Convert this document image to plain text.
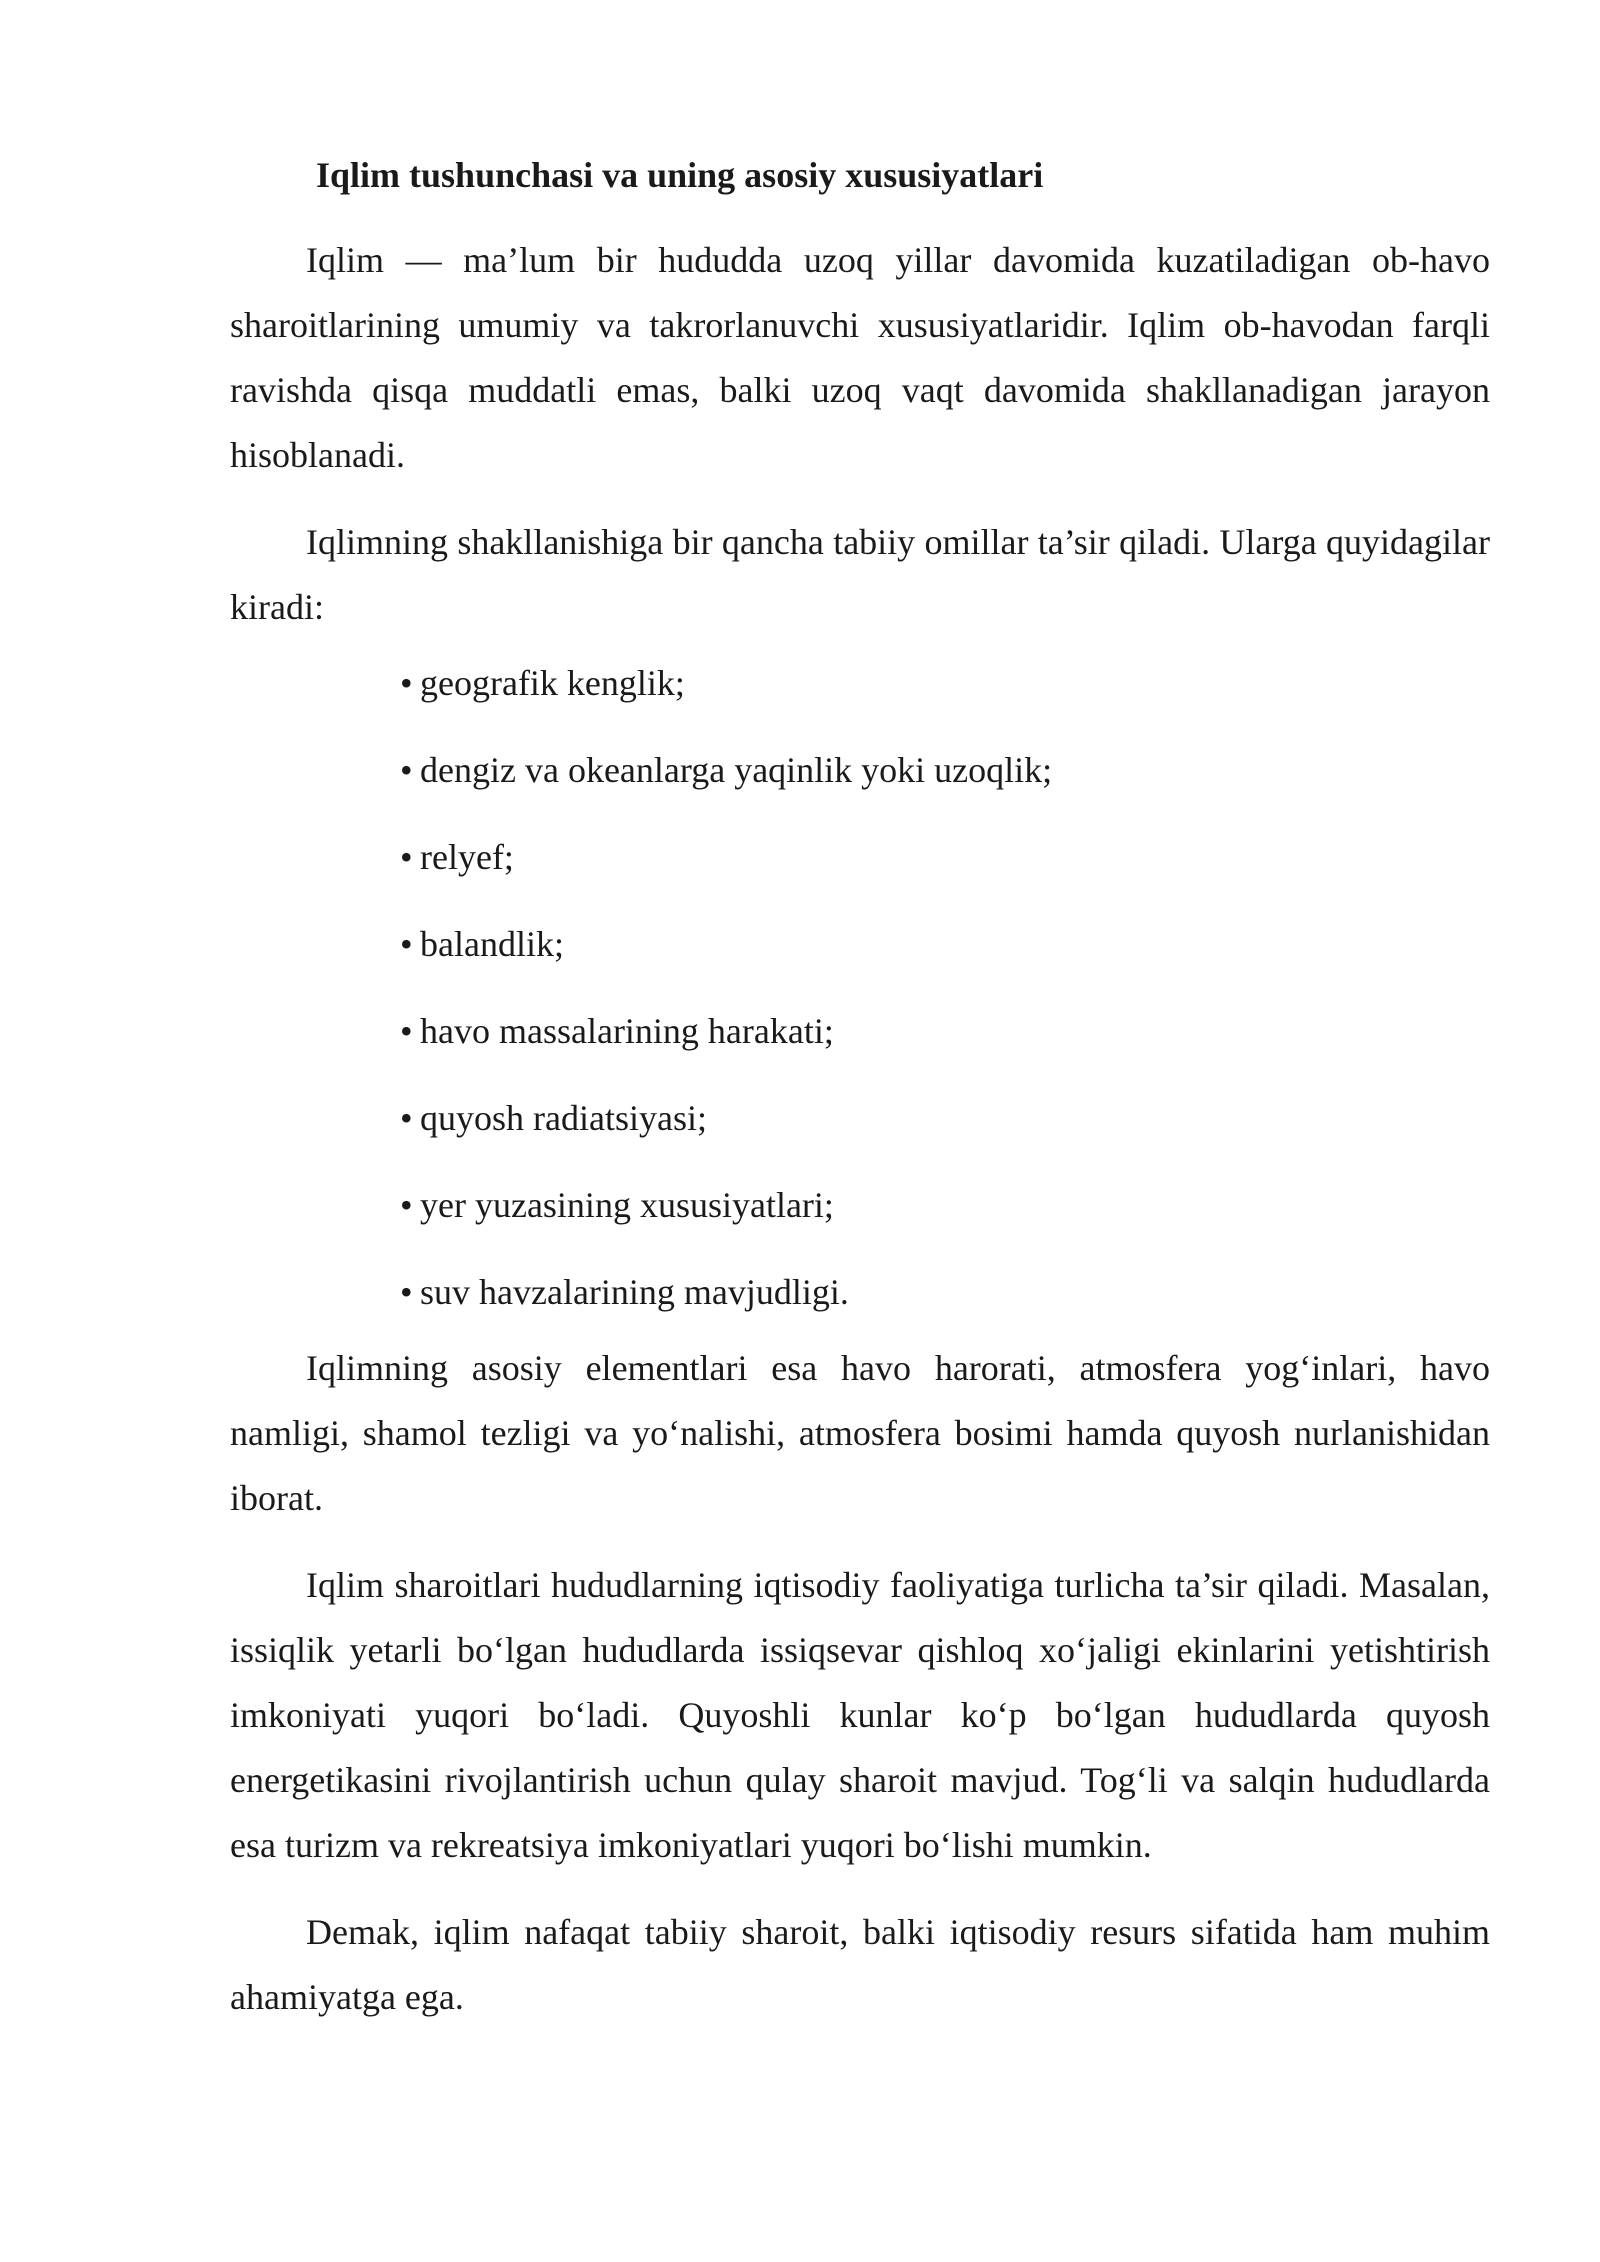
Iqlim tushunchasi va uning asosiy xususiyatlari

Iqlim — ma’lum bir hududda uzoq yillar davomida kuzatiladigan ob-havo sharoitlarining umumiy va takrorlanuvchi xususiyatlaridir. Iqlim ob-havodan farqli ravishda qisqa muddatli emas, balki uzoq vaqt davomida shakllanadigan jarayon hisoblanadi.

Iqlimning shakllanishiga bir qancha tabiiy omillar ta’sir qiladi. Ularga quyidagilar kiradi:

• geografik kenglik;
• dengiz va okeanlarga yaqinlik yoki uzoqlik;
• relyef;
• balandlik;
• havo massalarining harakati;
• quyosh radiatsiyasi;
• yer yuzasining xususiyatlari;
• suv havzalarining mavjudligi.

Iqlimning asosiy elementlari esa havo harorati, atmosfera yog‘inlari, havo namligi, shamol tezligi va yo‘nalishi, atmosfera bosimi hamda quyosh nurlanishidan iborat.

Iqlim sharoitlari hududlarning iqtisodiy faoliyatiga turlicha ta’sir qiladi. Masalan, issiqlik yetarli bo‘lgan hududlarda issiqsevar qishloq xo‘jaligi ekinlarini yetishtirish imkoniyati yuqori bo‘ladi. Quyoshli kunlar ko‘p bo‘lgan hududlarda quyosh energetikasini rivojlantirish uchun qulay sharoit mavjud. Tog‘li va salqin hududlarda esa turizm va rekreatsiya imkoniyatlari yuqori bo‘lishi mumkin.

Demak, iqlim nafaqat tabiiy sharoit, balki iqtisodiy resurs sifatida ham muhim ahamiyatga ega.
